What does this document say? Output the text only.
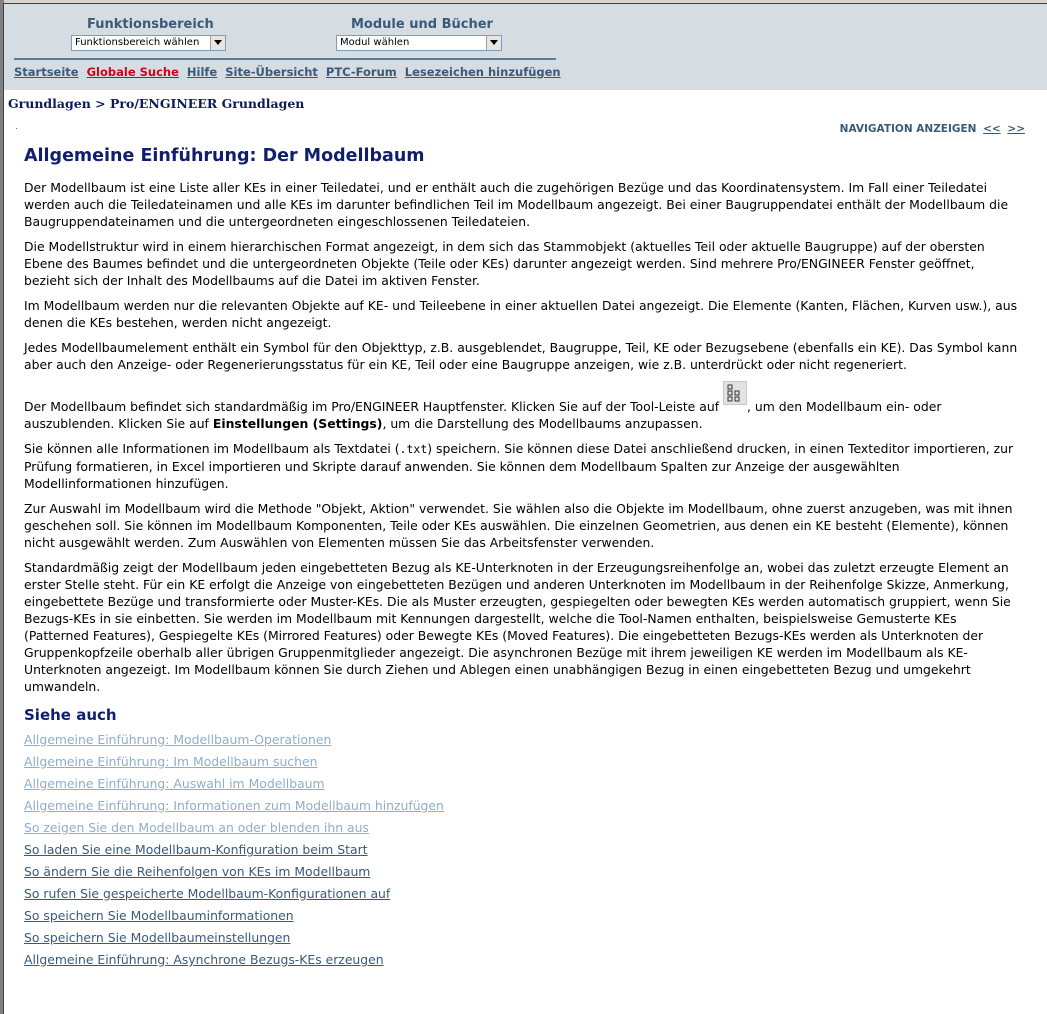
Funktionsbereich
Funktionsbereich wählen
Module und Bücher
Modul wählen
Startseite Globale Suche Hilfe Site-Übersicht PTC-Forum Lesezeichen hinzufügen
Grundlagen > Pro/ENGINEER Grundlagen
NAVIGATION ANZEIGEN << >>
Allgemeine Einführung: Der Modellbaum

Der Modellbaum ist eine Liste aller KEs in einer Teiledatei, und er enthält auch die zugehörigen Bezüge und das Koordinatensystem. Im Fall einer Teiledatei werden auch die Teiledateinamen und alle KEs im darunter befindlichen Teil im Modellbaum angezeigt. Bei einer Baugruppendatei enthält der Modellbaum die Baugruppendateinamen und die untergeordneten eingeschlossenen Teiledateien.

Die Modellstruktur wird in einem hierarchischen Format angezeigt, in dem sich das Stammobjekt (aktuelles Teil oder aktuelle Baugruppe) auf der obersten Ebene des Baumes befindet und die untergeordneten Objekte (Teile oder KEs) darunter angezeigt werden. Sind mehrere Pro/ENGINEER Fenster geöffnet, bezieht sich der Inhalt des Modellbaums auf die Datei im aktiven Fenster.

Im Modellbaum werden nur die relevanten Objekte auf KE- und Teileebene in einer aktuellen Datei angezeigt. Die Elemente (Kanten, Flächen, Kurven usw.), aus denen die KEs bestehen, werden nicht angezeigt.

Jedes Modellbaumelement enthält ein Symbol für den Objekttyp, z.B. ausgeblendet, Baugruppe, Teil, KE oder Bezugsebene (ebenfalls ein KE). Das Symbol kann aber auch den Anzeige- oder Regenerierungsstatus für ein KE, Teil oder eine Baugruppe anzeigen, wie z.B. unterdrückt oder nicht regeneriert.

Der Modellbaum befindet sich standardmäßig im Pro/ENGINEER Hauptfenster. Klicken Sie auf der Tool-Leiste auf
, um den Modellbaum ein- oder auszublenden. Klicken Sie auf Einstellungen (Settings), um die Darstellung des Modellbaums anzupassen.

Sie können alle Informationen im Modellbaum als Textdatei (.txt) speichern. Sie können diese Datei anschließend drucken, in einen Texteditor importieren, zur Prüfung formatieren, in Excel importieren und Skripte darauf anwenden. Sie können dem Modellbaum Spalten zur Anzeige der ausgewählten Modellinformationen hinzufügen.

Zur Auswahl im Modellbaum wird die Methode "Objekt, Aktion" verwendet. Sie wählen also die Objekte im Modellbaum, ohne zuerst anzugeben, was mit ihnen geschehen soll. Sie können im Modellbaum Komponenten, Teile oder KEs auswählen. Die einzelnen Geometrien, aus denen ein KE besteht (Elemente), können nicht ausgewählt werden. Zum Auswählen von Elementen müssen Sie das Arbeitsfenster verwenden.

Standardmäßig zeigt der Modellbaum jeden eingebetteten Bezug als KE-Unterknoten in der Erzeugungsreihenfolge an, wobei das zuletzt erzeugte Element an erster Stelle steht. Für ein KE erfolgt die Anzeige von eingebetteten Bezügen und anderen Unterknoten im Modellbaum in der Reihenfolge Skizze, Anmerkung, eingebettete Bezüge und transformierte oder Muster-KEs. Die als Muster erzeugten, gespiegelten oder bewegten KEs werden automatisch gruppiert, wenn Sie Bezugs-KEs in sie einbetten. Sie werden im Modellbaum mit Kennungen dargestellt, welche die Tool-Namen enthalten, beispielsweise Gemusterte KEs (Patterned Features), Gespiegelte KEs (Mirrored Features) oder Bewegte KEs (Moved Features). Die eingebetteten Bezugs-KEs werden als Unterknoten der Gruppenkopfzeile oberhalb aller übrigen Gruppenmitglieder angezeigt. Die asynchronen Bezüge mit ihrem jeweiligen KE werden im Modellbaum als KE-Unterknoten angezeigt. Im Modellbaum können Sie durch Ziehen und Ablegen einen unabhängigen Bezug in einen eingebetteten Bezug und umgekehrt umwandeln.

Siehe auch
Allgemeine Einführung: Modellbaum-Operationen
Allgemeine Einführung: Im Modellbaum suchen
Allgemeine Einführung: Auswahl im Modellbaum
Allgemeine Einführung: Informationen zum Modellbaum hinzufügen
So zeigen Sie den Modellbaum an oder blenden ihn aus
So laden Sie eine Modellbaum-Konfiguration beim Start
So ändern Sie die Reihenfolgen von KEs im Modellbaum
So rufen Sie gespeicherte Modellbaum-Konfigurationen auf
So speichern Sie Modellbauminformationen
So speichern Sie Modellbaumeinstellungen
Allgemeine Einführung: Asynchrone Bezugs-KEs erzeugen
